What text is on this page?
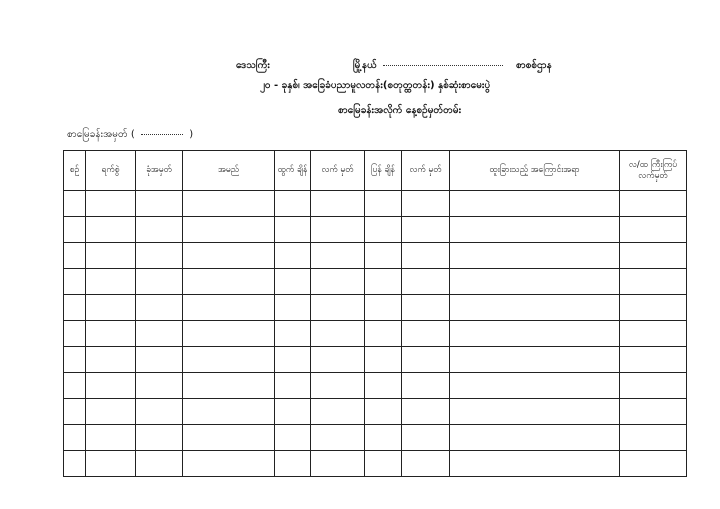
ဒေသကြီး	မြို့နယ်	စာစစ်ဌာန
၂၀ - ခုနှစ်၊ အခြေခံပညာမူလတန်း(စတုတ္ထတန်း) နှစ်ဆုံးစာမေးပွဲ
စာမြေခန်းအလိုက် နေ့စဉ်မှတ်တမ်း
စာမြေခန်းအမှတ် (	)
စဉ်	ရက်စွဲ	ခုံအမှတ်	အမည်	ထွက် ချိန်	လက် မှတ်	ပြန် ချိန်	လက် မှတ်	ထူးခြားသည့် အကြောင်းအရာ	လ/ထ ကြီးကြပ် လက်မှတ်
